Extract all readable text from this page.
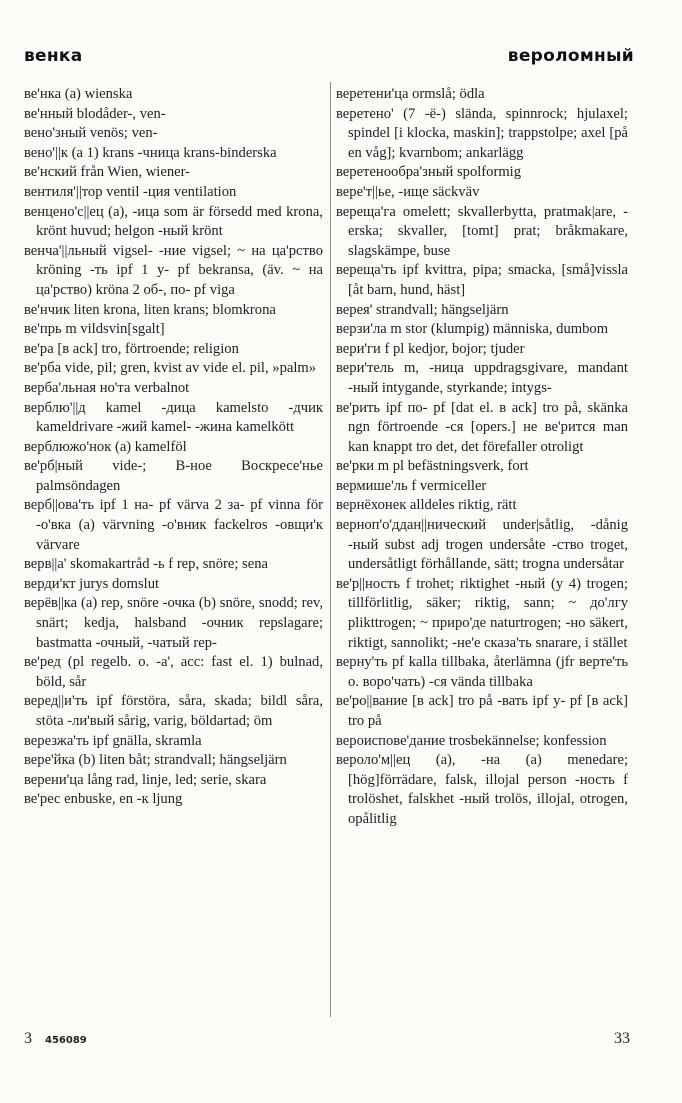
венка	вероломный

ве'нка (a) wienska

ве'нный blodåder-, ven-

вено'зный venös; ven-

вено'||к (a 1) krans -чница krans-binderska

ве'нский från Wien, wiener-

вентиля'||тор ventil -ция ventilation

венцено'с||ец (a), -ица som är försedd med krona, krönt huvud; helgon -ный krönt

венча'||льный vigsel- -ние vigsel; ~ на ца'рство kröning -ть ipf 1 у- pf bekransa, (äv. ~ на ца'рство) kröna 2 об-, по- pf viga

ве'нчик liten krona, liten krans; blomkrona

ве'прь m vildsvin[sgalt]

ве'ра [в ack] tro, förtroende; religion

ве'рба vide, pil; gren, kvist av vide el. pil, »palm»

верба'льная но'та verbalnot

верблю'||д kamel -дица kamelsto -дчик kameldrivare -жий kamel- -жина kamelkött

верблюжо'нок (a) kamelföl

ве'рб|ный vide-; В-ное Воскресе'нье palmsöndagen

верб||ова'ть ipf 1 на- pf värva 2 за- pf vinna för -о'вка (a) värvning -о'вник fackelros -овщи'к värvare

верв||а' skomakartråd -ь f rep, snöre; sena

верди'кт jurys domslut

верёв||ка (a) rep, snöre -очка (b) snöre, snodd; rev, snärt; kedja, halsband -очник repslagare; bastmatta -очный, -чатый rep-

ве'ред (pl regelb. o. -a', acc: fast el. 1) bulnad, böld, sår

веред||и'ть ipf förstöra, såra, skada; bildl såra, stöta -ли'вый sårig, varig, böldartad; öm

верезжа'ть ipf gnälla, skramla

вере'йка (b) liten båt; strandvall; hängseljärn

верени'ца lång rad, linje, led; serie, skara

ве'рес enbuske, en -к ljung

веретени'ца ormslå; ödla

веретено' (7 -ё-) slända, spinnrock; hjulaxel; spindel [i klocka, maskin]; trappstolpe; axel [på en våg]; kvarnbom; ankarlägg

веретенообра'зный spolformig

вере'т||ье, -ище säckväv

вереща'га omelett; skvallerbytta, pratmak|are, -erska; skvaller, [tomt] prat; bråkmakare, slagskämpe, buse

вереща'ть ipf kvittra, pipa; smacka, [små]vissla [åt barn, hund, häst]

верея' strandvall; hängseljärn

верзи'ла m stor (klumpig) människa, dumbom

вери'ги f pl kedjor, bojor; tjuder

вери'тель m, -ница uppdragsgivare, mandant -ный intygande, styrkande; intygs-

ве'рить ipf по- pf [dat el. в ack] tro på, skänka ngn förtroende -ся [opers.] не ве'рится man kan knappt tro det, det förefaller otroligt

ве'рки m pl befästningsverk, fort

вермише'ль f vermiceller

вернёхонек alldeles riktig, rätt

верноп'о'ддан||нический under|såtlig, -dånig -ный subst adj trogen undersåte -ство troget, undersåtligt förhållande, sätt; trogna undersåtar

ве'р||ность f trohet; riktighet -ный (у 4) trogen; tillförlitlig, säker; riktig, sann; ~ до'лгу plikttrogen; ~ приро'де naturtrogen; -но säkert, riktigt, sannolikt; -не'е сказа'ть snarare, i stället

верну'ть pf kalla tillbaka, återlämna (jfr верте'ть o. воро'чать) -ся vända tillbaka

ве'ро||вание [в ack] tro på -вать ipf у- pf [в ack] tro på

вероиспове'дание trosbekännelse; konfession

вероло'м||ец (a), -на (a) menedare; [hög]förrädare, falsk, illojal person -ность f trolöshet, falskhet -ный trolös, illojal, otrogen, opålitlig

3 456089	33
